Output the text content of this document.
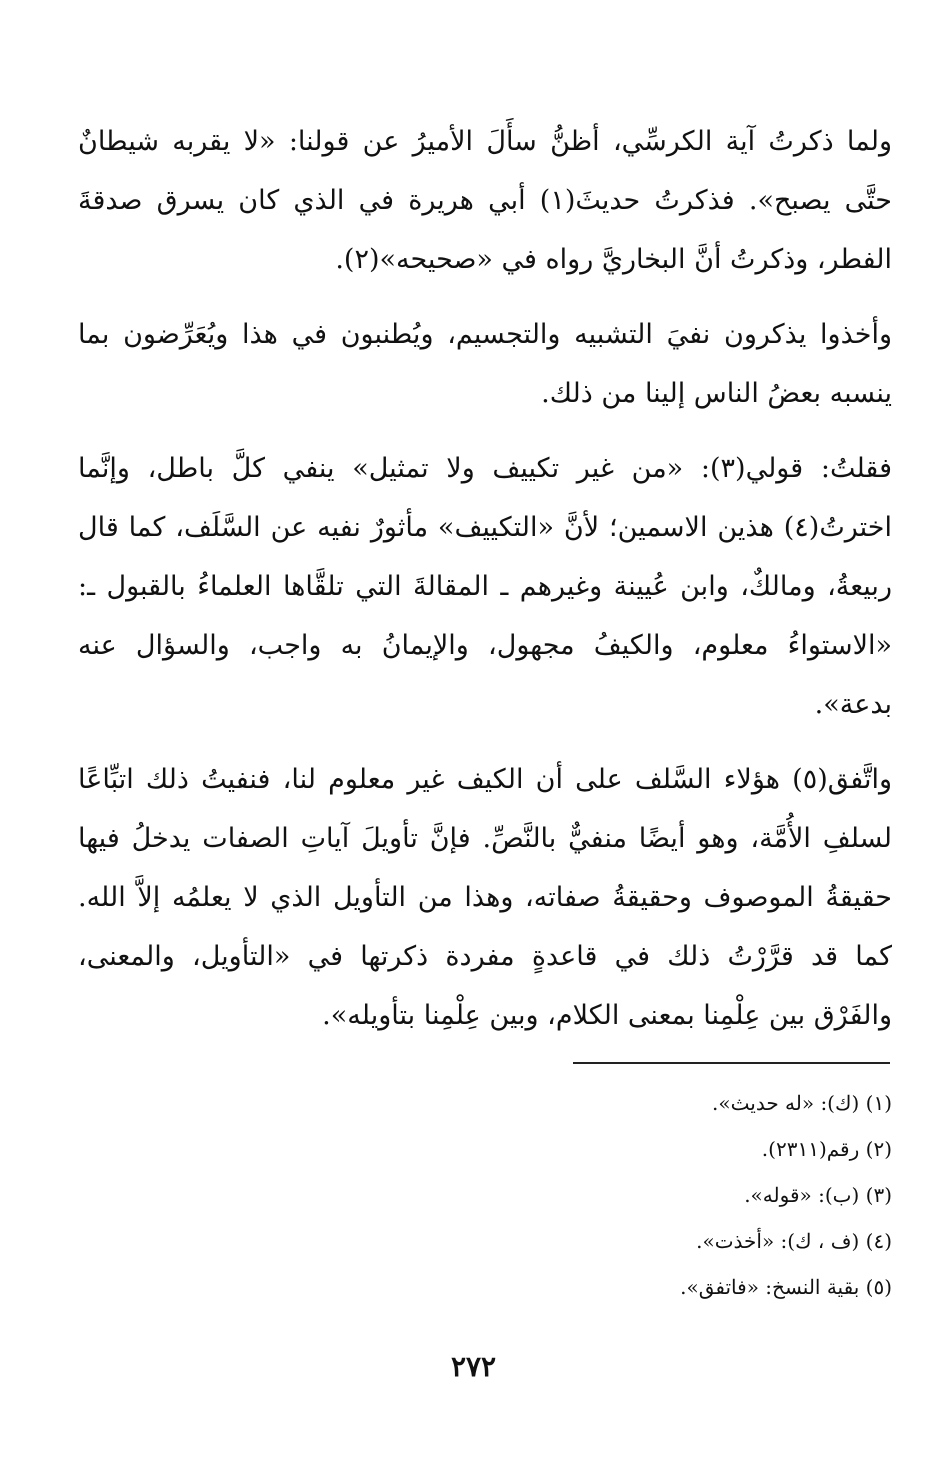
ولما ذكرتُ آية الكرسِّي، أظنُّ سأَلَ الأميرُ عن قولنا: «لا يقربه شيطانٌ حتَّى يصبح». فذكرتُ حديثَ(١) أبي هريرة في الذي كان يسرق صدقةَ الفطر، وذكرتُ أنَّ البخاريَّ رواه في «صحيحه»(٢).

وأخذوا يذكرون نفيَ التشبيه والتجسيم، ويُطنبون في هذا ويُعَرِّضون بما ينسبه بعضُ الناس إلينا من ذلك.

فقلتُ: قولي(٣): «من غير تكييف ولا تمثيل» ينفي كلَّ باطل، وإنَّما اخترتُ(٤) هذين الاسمين؛ لأنَّ «التكييف» مأثورٌ نفيه عن السَّلَف، كما قال ربيعةُ، ومالكٌ، وابن عُيينة وغيرهم ـ المقالةَ التي تلقَّاها العلماءُ بالقبول ـ: «الاستواءُ معلوم، والكيفُ مجهول، والإيمانُ به واجب، والسؤال عنه بدعة».

واتَّفق(٥) هؤلاء السَّلف على أن الكيف غير معلوم لنا، فنفيتُ ذلك اتبِّاعًا لسلفِ الأُمَّة، وهو أيضًا منفيٌّ بالنَّصِّ. فإنَّ تأويلَ آياتِ الصفات يدخلُ فيها حقيقةُ الموصوف وحقيقةُ صفاته، وهذا من التأويل الذي لا يعلمُه إلاَّ الله. كما قد قرَّرْتُ ذلك في قاعدةٍ مفردة ذكرتها في «التأويل، والمعنى، والفَرْق بين عِلْمِنا بمعنى الكلام، وبين عِلْمِنا بتأويله».

(١) (ك): «له حديث».
(٢) رقم(٢٣١١).
(٣) (ب): «قوله».
(٤) (ف ، ك): «أخذت».
(٥) بقية النسخ: «فاتفق».
٢٧٢
